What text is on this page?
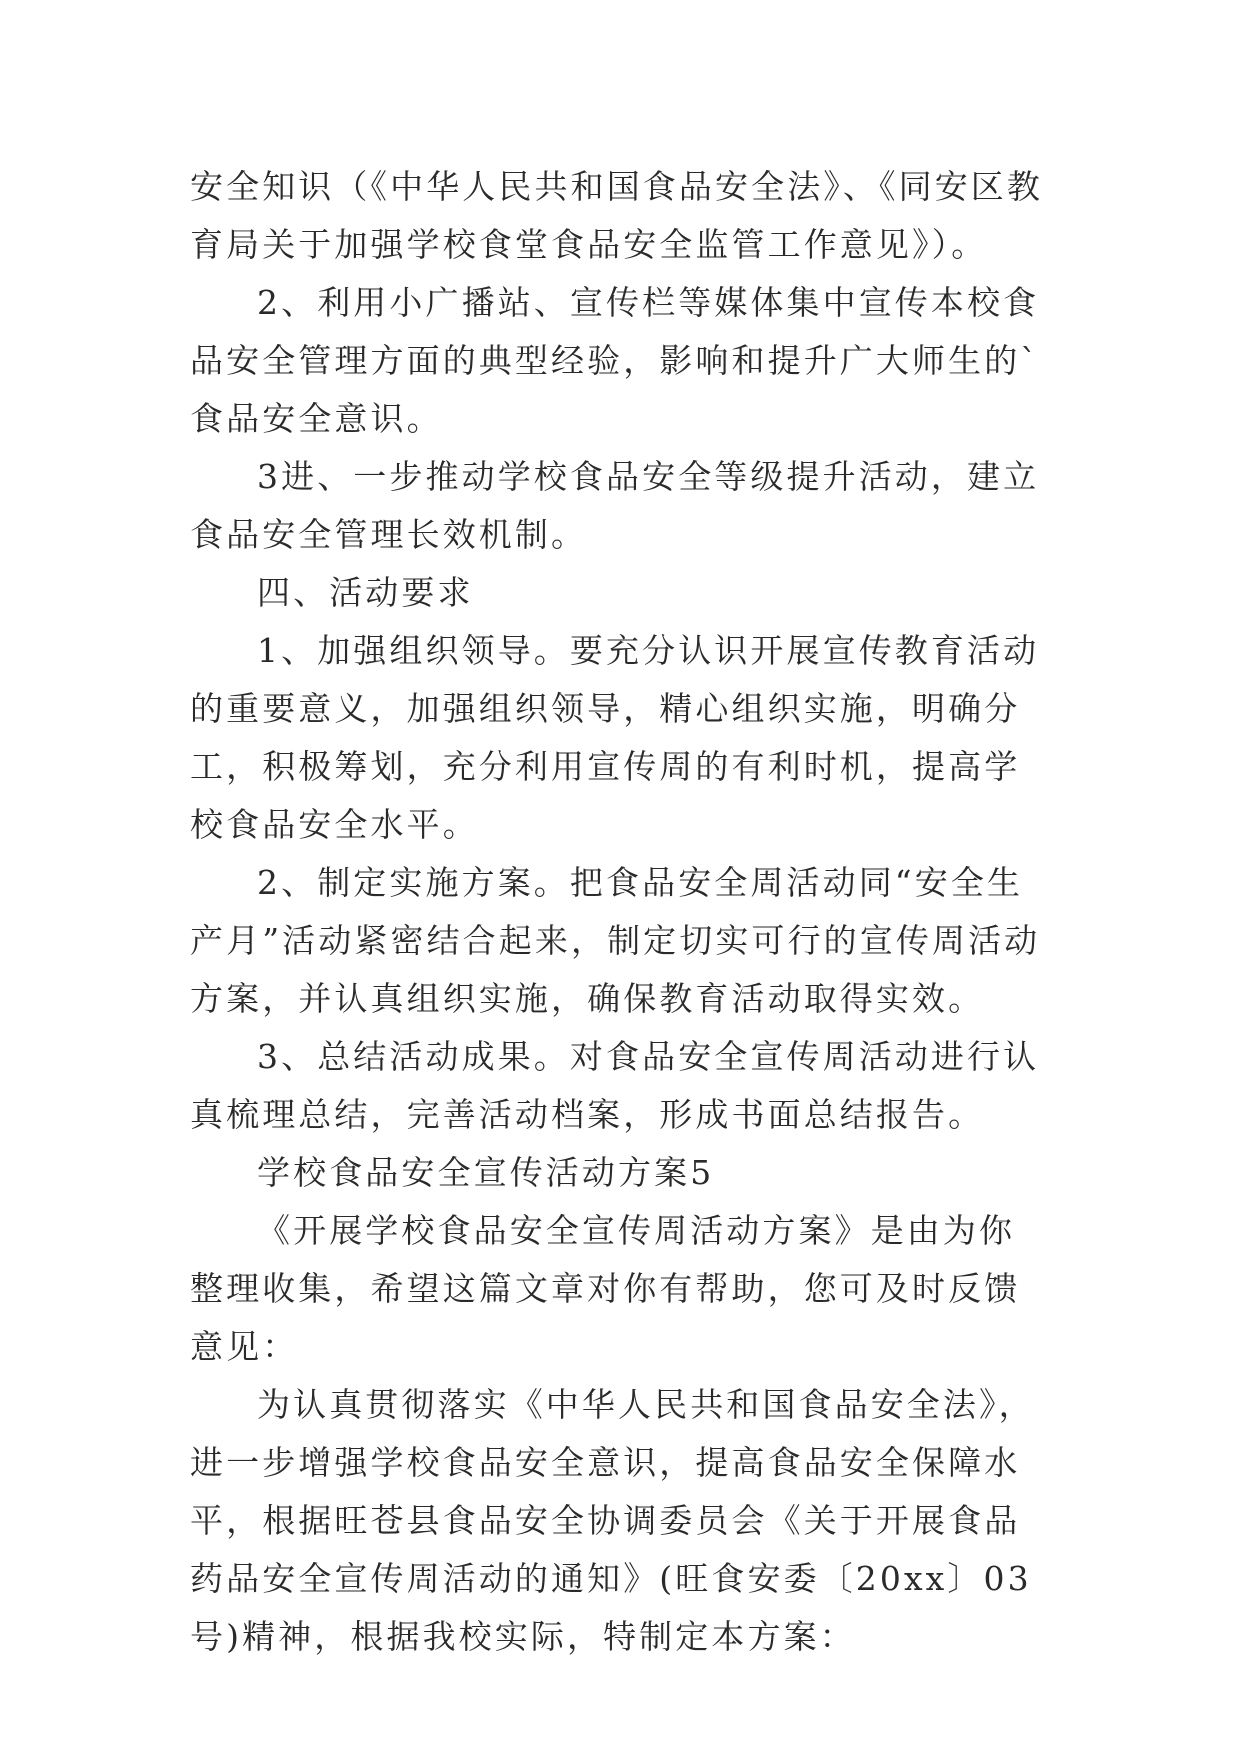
安全知识（《中华人民共和国食品安全法》、《同安区教育局关于加强学校食堂食品安全监管工作意见》）。

2、利用小广播站、宣传栏等媒体集中宣传本校食品安全管理方面的典型经验，影响和提升广大师生的`食品安全意识。

3进、一步推动学校食品安全等级提升活动，建立食品安全管理长效机制。

四、活动要求

1、加强组织领导。要充分认识开展宣传教育活动的重要意义，加强组织领导，精心组织实施，明确分工，积极筹划，充分利用宣传周的有利时机，提高学校食品安全水平。

2、制定实施方案。把食品安全周活动同“安全生产月”活动紧密结合起来，制定切实可行的宣传周活动方案，并认真组织实施，确保教育活动取得实效。

3、总结活动成果。对食品安全宣传周活动进行认真梳理总结，完善活动档案，形成书面总结报告。

学校食品安全宣传活动方案5

《开展学校食品安全宣传周活动方案》是由为你整理收集，希望这篇文章对你有帮助，您可及时反馈意见：

为认真贯彻落实《中华人民共和国食品安全法》，进一步增强学校食品安全意识，提高食品安全保障水平，根据旺苍县食品安全协调委员会《关于开展食品药品安全宣传周活动的通知》(旺食安委〔20xx〕03号)精神，根据我校实际，特制定本方案：
